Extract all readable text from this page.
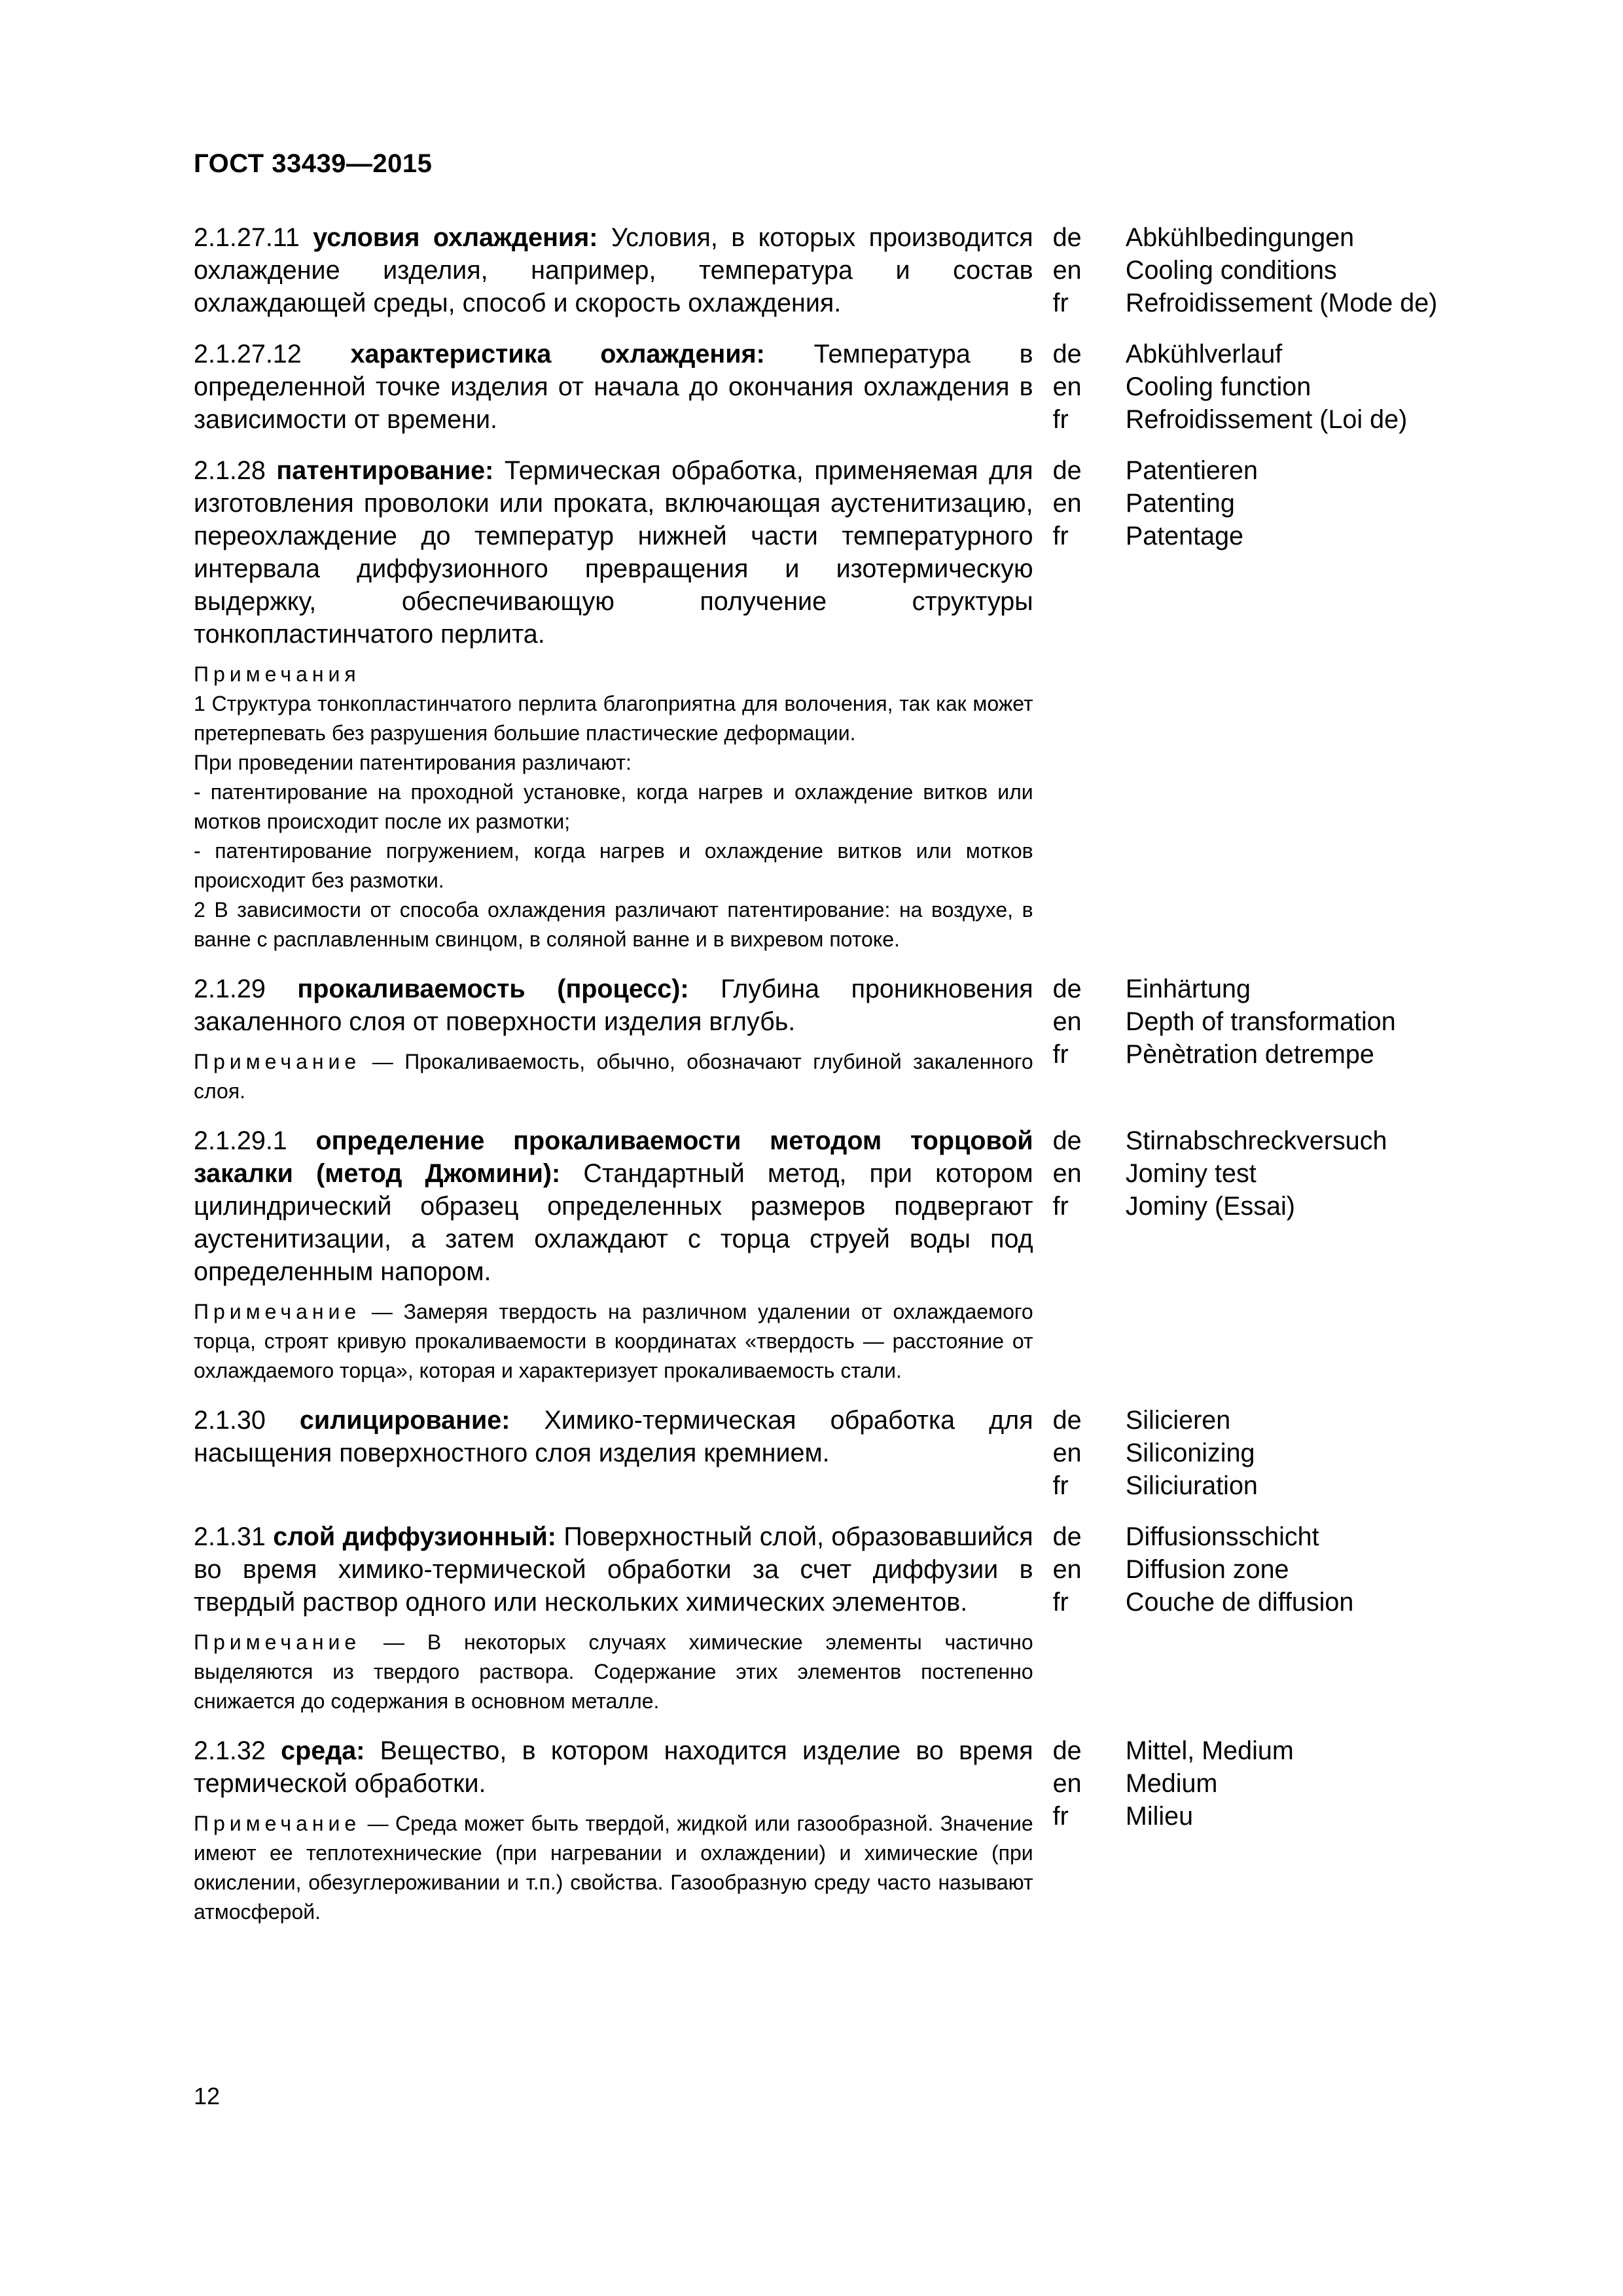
ГОСТ 33439—2015

2.1.27.11 условия охлаждения: Условия, в которых производится охлаждение изделия, например, температура и состав охлаждающей среды, способ и скорость охлаждения.

de
en
fr
Abkühlbedingungen
Cooling conditions
Refroidissement (Mode de)

2.1.27.12 характеристика охлаждения: Температура в определенной точке изделия от начала до окончания охлаждения в зависимости от времени.

de
en
fr
Abkühlverlauf
Cooling function
Refroidissement (Loi de)

2.1.28 патентирование: Термическая обработка, применяемая для изготовления проволоки или проката, включающая аустенитизацию, переохлаждение до температур нижней части температурного интервала диффузионного превращения и изотермическую выдержку, обеспечивающую получение структуры тонкопластинчатого перлита.

Примечания

1 Структура тонкопластинчатого перлита благоприятна для волочения, так как может претерпевать без разрушения большие пластические деформации.

При проведении патентирования различают:

- патентирование на проходной установке, когда нагрев и охлаждение витков или мотков происходит после их размотки;

- патентирование погружением, когда нагрев и охлаждение витков или мотков происходит без размотки.

2 В зависимости от способа охлаждения различают патентирование: на воздухе, в ванне с расплавленным свинцом, в соляной ванне и в вихревом потоке.

de
en
fr
Patentieren
Patenting
Patentage

2.1.29 прокаливаемость (процесс): Глубина проникновения закаленного слоя от поверхности изделия вглубь.

Примечание — Прокаливаемость, обычно, обозначают глубиной закаленного слоя.

de
en
fr
Einhärtung
Depth of transformation
Pènètration detrempe

2.1.29.1 определение прокаливаемости методом торцовой закалки (метод Джомини): Стандартный метод, при котором цилиндрический образец определенных размеров подвергают аустенитизации, а затем охлаждают с торца струей воды под определенным напором.

Примечание — Замеряя твердость на различном удалении от охлаждаемого торца, строят кривую прокаливаемости в координатах «твердость — расстояние от охлаждаемого торца», которая и характеризует прокаливаемость стали.

de
en
fr
Stirnabschreckversuch
Jominy test
Jominy (Essai)

2.1.30 силицирование: Химико-термическая обработка для насыщения поверхностного слоя изделия кремнием.

de
en
fr
Silicieren
Siliconizing
Siliciuration

2.1.31 слой диффузионный: Поверхностный слой, образовавшийся во время химико-термической обработки за счет диффузии в твердый раствор одного или нескольких химических элементов.

Примечание — В некоторых случаях химические элементы частично выделяются из твердого раствора. Содержание этих элементов постепенно снижается до содержания в основном металле.

de
en
fr
Diffusionsschicht
Diffusion zone
Couche de diffusion

2.1.32 среда: Вещество, в котором находится изделие во время термической обработки.

Примечание — Среда может быть твердой, жидкой или газообразной. Значение имеют ее теплотехнические (при нагревании и охлаждении) и химические (при окислении, обезуглероживании и т.п.) свойства. Газообразную среду часто называют атмосферой.

de
en
fr
Mittel, Medium
Medium
Milieu
12
